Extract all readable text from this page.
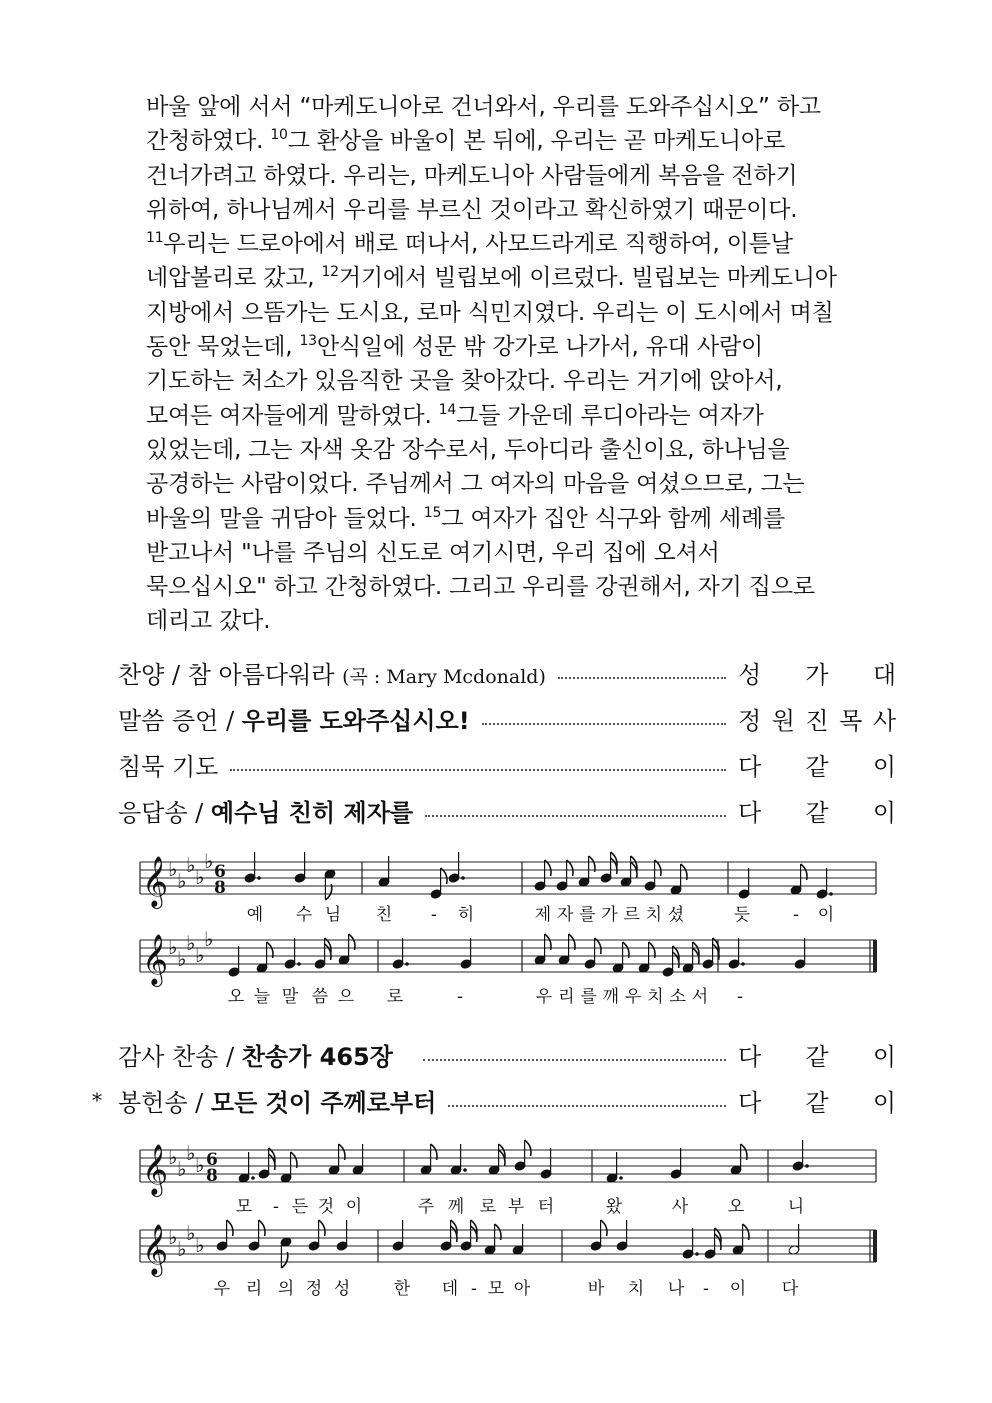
바울 앞에 서서 “마케도니아로 건너와서, 우리를 도와주십시오” 하고
간청하였다. $^{10}$그 환상을 바울이 본 뒤에, 우리는 곧 마케도니아로
건너가려고 하였다. 우리는, 마케도니아 사람들에게 복음을 전하기
위하여, 하나님께서 우리를 부르신 것이라고 확신하였기 때문이다.
$^{11}$우리는 드로아에서 배로 떠나서, 사모드라게로 직행하여, 이튿날
네압볼리로 갔고, $^{12}$거기에서 빌립보에 이르렀다. 빌립보는 마케도니아
지방에서 으뜸가는 도시요, 로마 식민지였다. 우리는 이 도시에서 며칠
동안 묵었는데, $^{13}$안식일에 성문 밖 강가로 나가서, 유대 사람이
기도하는 처소가 있음직한 곳을 찾아갔다. 우리는 거기에 앉아서,
모여든 여자들에게 말하였다. $^{14}$그들 가운데 루디아라는 여자가
있었는데, 그는 자색 옷감 장수로서, 두아디라 출신이요, 하나님을
공경하는 사람이었다. 주님께서 그 여자의 마음을 여셨으므로, 그는
바울의 말을 귀담아 들었다. $^{15}$그 여자가 집안 식구와 함께 세례를
받고나서 "나를 주님의 신도로 여기시면, 우리 집에 오셔서
묵으십시오" 하고 간청하였다. 그리고 우리를 강권해서, 자기 집으로
데리고 갔다.
찬양 / 참 아름다워라 (곡 : Mary Mcdonald)	성 가 대
말씀 증언 / 우리를 도와주십시오!	정 원 진 목 사
침묵 기도	다 같 이
응답송 / 예수님 친히 제자를	다 같 이
𝄞 ♭ ♭
♭ ♭
♭ 6
8
예 수 님 친 - 히	제 자 를 가 르 치 셨	듯	- 이
𝄞 ♭ ♭
♭ ♭
♭
오 늘 말 씀 으 로	-	우 리 를 깨 우 치 소 서 -
감사 찬송 / 찬송가 465장	다 같 이
* 봉헌송 / 모든 것이 주께로부터	다 같 이
𝄞 ♭ ♭
♭ ♭ 6
8
모 - 든 것 이	주 께 로 부 터	왔	사 오	니
𝄞 ♭ ♭
♭ ♭
우 리 의 정 성	한 데 - 모 아	바 치 나 - 이 다
